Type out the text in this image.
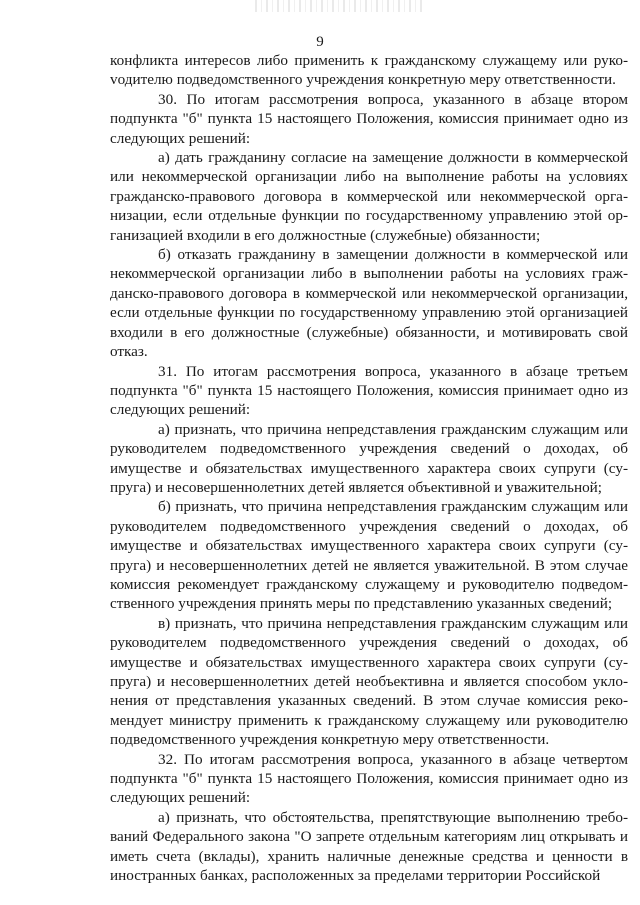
9

конфликта интересов либо применить к гражданскому служащему или рукоvодителю подведомственного учреждения конкретную меру ответственности.

30. По итогам рассмотрения вопроса, указанного в абзаце втором подпункта "б" пункта 15 настоящего Положения, комиссия принимает одно из следующих решений:

а) дать гражданину согласие на замещение должности в коммерческой или некоммерческой организации либо на выполнение работы на условиях гражданско-правового договора в коммерческой или некоммерческой организации, если отдельные функции по государственному управлению этой организацией входили в его должностные (служебные) обязанности;

б) отказать гражданину в замещении должности в коммерческой или некоммерческой организации либо в выполнении работы на условиях гражданско-правового договора в коммерческой или некоммерческой организации, если отдельные функции по государственному управлению этой организацией входили в его должностные (служебные) обязанности, и мотивировать свой отказ.

31. По итогам рассмотрения вопроса, указанного в абзаце третьем подпункта "б" пункта 15 настоящего Положения, комиссия принимает одно из следующих решений:

а) признать, что причина непредставления гражданским служащим или руководителем подведомственного учреждения сведений о доходах, об имуществе и обязательствах имущественного характера своих супруги (супруга) и несовершеннолетних детей является объективной и уважительной;

б) признать, что причина непредставления гражданским служащим или руководителем подведомственного учреждения сведений о доходах, об имуществе и обязательствах имущественного характера своих супруги (супруга) и несовершеннолетних детей не является уважительной. В этом случае комиссия рекомендует гражданскому служащему и руководителю подведомственного учреждения принять меры по представлению указанных сведений;

в) признать, что причина непредставления гражданским служащим или руководителем подведомственного учреждения сведений о доходах, об имуществе и обязательствах имущественного характера своих супруги (супруга) и несовершеннолетних детей необъективна и является способом уклонения от представления указанных сведений. В этом случае комиссия рекомендует министру применить к гражданскому служащему или руководителю подведомственного учреждения конкретную меру ответственности.

32. По итогам рассмотрения вопроса, указанного в абзаце четвертом подпункта "б" пункта 15 настоящего Положения, комиссия принимает одно из следующих решений:

а) признать, что обстоятельства, препятствующие выполнению требований Федерального закона "О запрете отдельным категориям лиц открывать и иметь счета (вклады), хранить наличные денежные средства и ценности в иностранных банках, расположенных за пределами территории Российской
